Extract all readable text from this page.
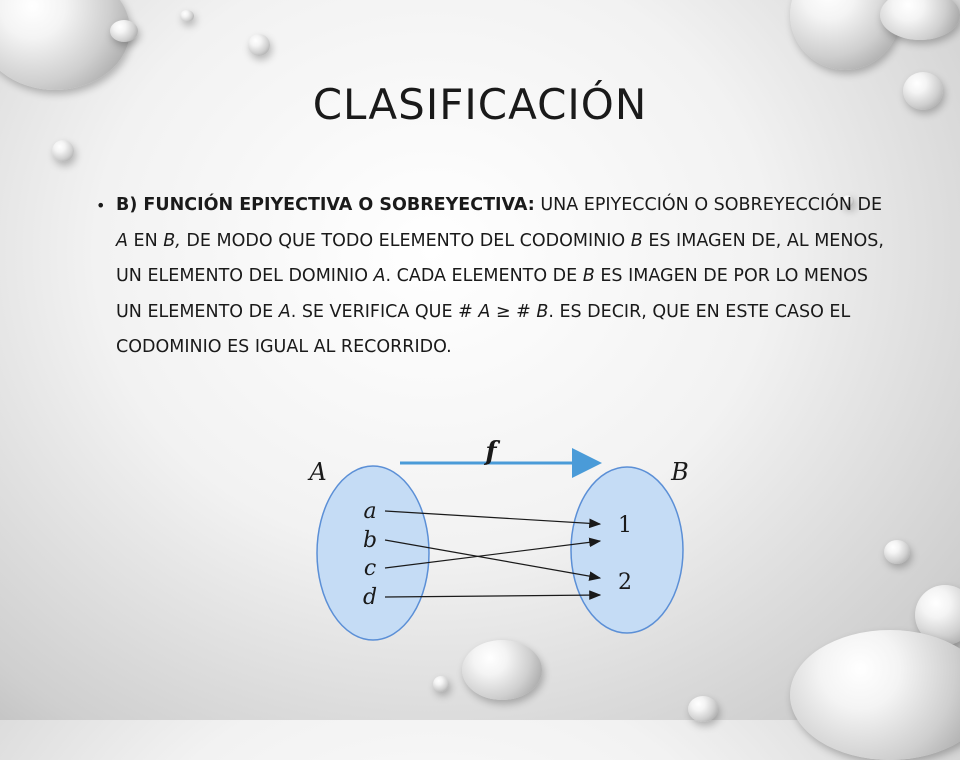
CLASIFICACIÓN
• B) FUNCIÓN EPIYECTIVA O SOBREYECTIVA: UNA EPIYECCIÓN O SOBREYECCIÓN DE A EN B, DE MODO QUE TODO ELEMENTO DEL CODOMINIO B ES IMAGEN DE, AL MENOS, UN ELEMENTO DEL DOMINIO A. CADA ELEMENTO DE B ES IMAGEN DE POR LO MENOS UN ELEMENTO DE A. SE VERIFICA QUE # A ≥ # B. ES DECIR, QUE EN ESTE CASO EL CODOMINIO ES IGUAL AL RECORRIDO.
f
A	B
a
b
c
d
1
2
